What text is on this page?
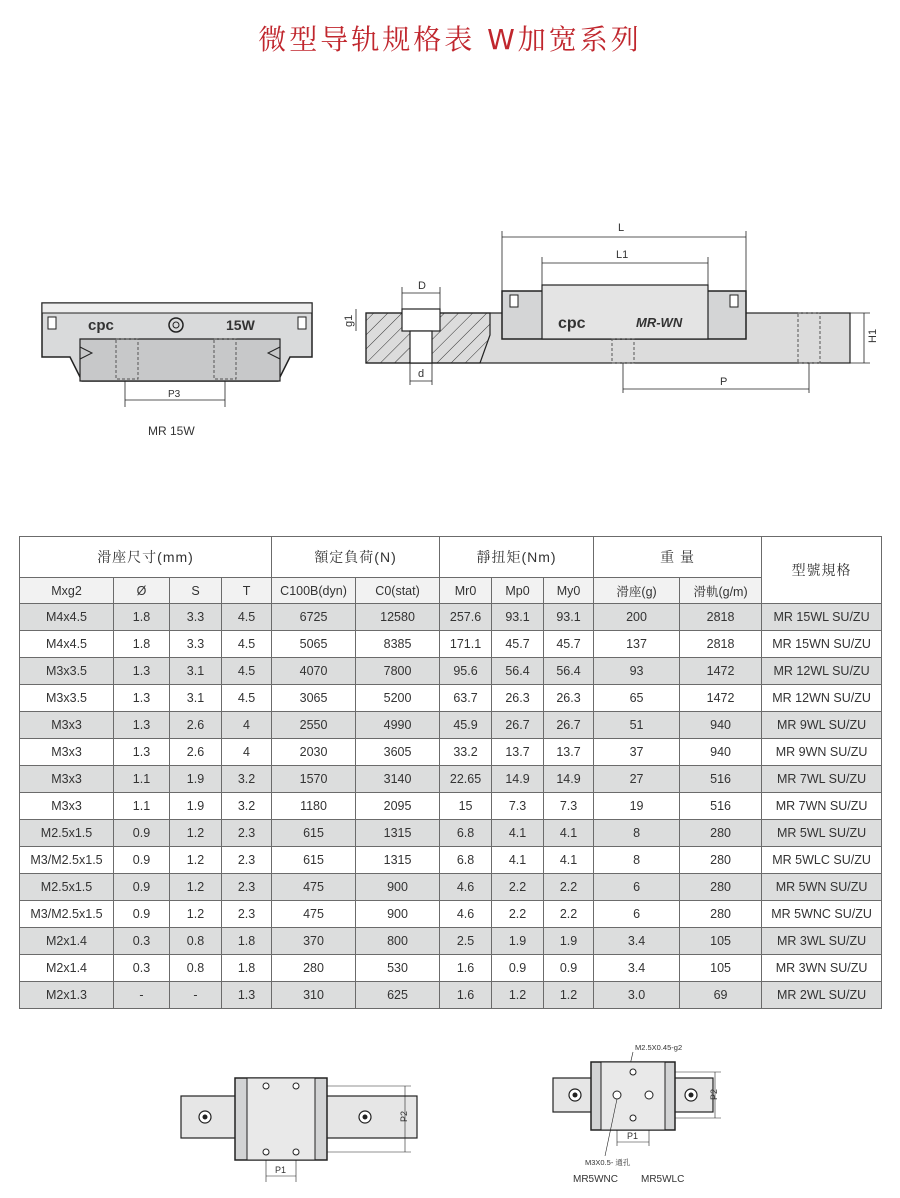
微型导轨规格表 W加宽系列
cpc	15W
P3
MR 15W
L
L1
D
d
g1	cpc	MR-WN
H1
P
滑座尺寸(mm)				額定負荷(N)		靜扭矩(Nm)			重 量		型號規格
Mxg2	Ø	S	T	C100B(dyn)	C0(stat)	Mr0	Mp0	My0	滑座(g)	滑軌(g/m)	
M4x4.5	1.8	3.3	4.5	6725	12580	257.6	93.1	93.1	200	2818	MR 15WL SU/ZU
M4x4.5	1.8	3.3	4.5	5065	8385	171.1	45.7	45.7	137	2818	MR 15WN SU/ZU
M3x3.5	1.3	3.1	4.5	4070	7800	95.6	56.4	56.4	93	1472	MR 12WL SU/ZU
M3x3.5	1.3	3.1	4.5	3065	5200	63.7	26.3	26.3	65	1472	MR 12WN SU/ZU
M3x3	1.3	2.6	4	2550	4990	45.9	26.7	26.7	51	940	MR 9WL SU/ZU
M3x3	1.3	2.6	4	2030	3605	33.2	13.7	13.7	37	940	MR 9WN SU/ZU
M3x3	1.1	1.9	3.2	1570	3140	22.65	14.9	14.9	27	516	MR 7WL SU/ZU
M3x3	1.1	1.9	3.2	1180	2095	15	7.3	7.3	19	516	MR 7WN SU/ZU
M2.5x1.5	0.9	1.2	2.3	615	1315	6.8	4.1	4.1	8	280	MR 5WL SU/ZU
M3/M2.5x1.5	0.9	1.2	2.3	615	1315	6.8	4.1	4.1	8	280	MR 5WLC SU/ZU
M2.5x1.5	0.9	1.2	2.3	475	900	4.6	2.2	2.2	6	280	MR 5WN SU/ZU
M3/M2.5x1.5	0.9	1.2	2.3	475	900	4.6	2.2	2.2	6	280	MR 5WNC SU/ZU
M2x1.4	0.3	0.8	1.8	370	800	2.5	1.9	1.9	3.4	105	MR 3WL SU/ZU
M2x1.4	0.3	0.8	1.8	280	530	1.6	0.9	0.9	3.4	105	MR 3WN SU/ZU
M2x1.3	-	-	1.3	310	625	1.6	1.2	1.2	3.0	69	MR 2WL SU/ZU
P2
P1
M2.5X0.45-g2
P2
P1
M3X0.5- 通孔
MR5WNC MR5WLC
